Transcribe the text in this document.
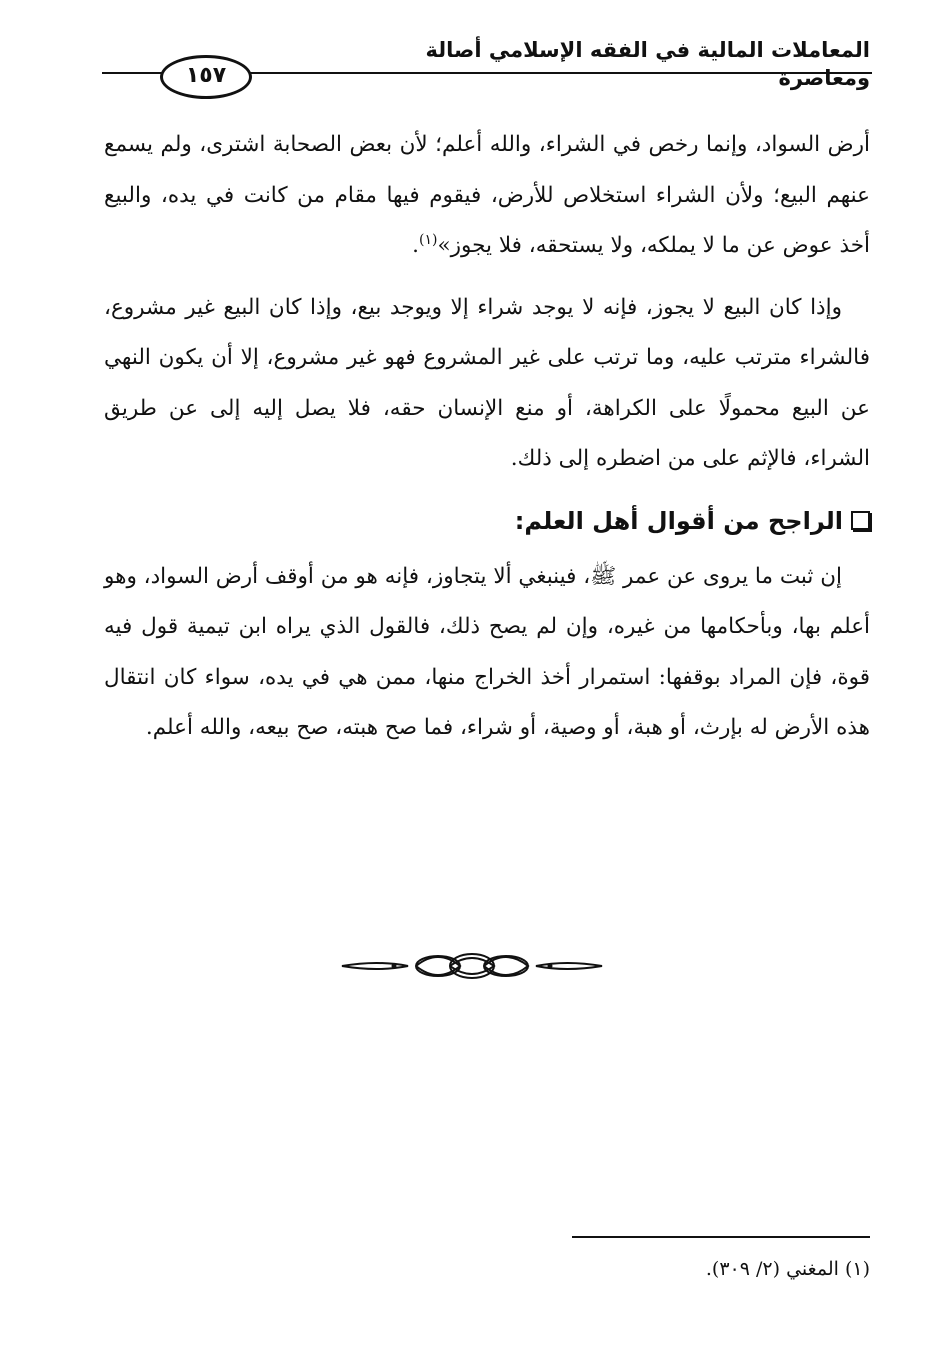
المعاملات المالية في الفقه الإسلامي أصالة ومعاصرة
١٥٧

أرض السواد، وإنما رخص في الشراء، والله أعلم؛ لأن بعض الصحابة اشترى، ولم يسمع عنهم البيع؛ ولأن الشراء استخلاص للأرض، فيقوم فيها مقام من كانت في يده، والبيع أخذ عوض عن ما لا يملكه، ولا يستحقه، فلا يجوز»$^{(١)}$.

وإذا كان البيع لا يجوز، فإنه لا يوجد شراء إلا ويوجد بيع، وإذا كان البيع غير مشروع، فالشراء مترتب عليه، وما ترتب على غير المشروع فهو غير مشروع، إلا أن يكون النهي عن البيع محمولًا على الكراهة، أو منع الإنسان حقه، فلا يصل إليه إلى عن طريق الشراء، فالإثم على من اضطره إلى ذلك.

الراجح من أقوال أهل العلم:

إن ثبت ما يروى عن عمر ﷺ، فينبغي ألا يتجاوز، فإنه هو من أوقف أرض السواد، وهو أعلم بها، وبأحكامها من غيره، وإن لم يصح ذلك، فالقول الذي يراه ابن تيمية قول فيه قوة، فإن المراد بوقفها: استمرار أخذ الخراج منها، ممن هي في يده، سواء كان انتقال هذه الأرض له بإرث، أو هبة، أو وصية، أو شراء، فما صح هبته، صح بيعه، والله أعلم.

(١) المغني (٢/ ٣٠٩).
